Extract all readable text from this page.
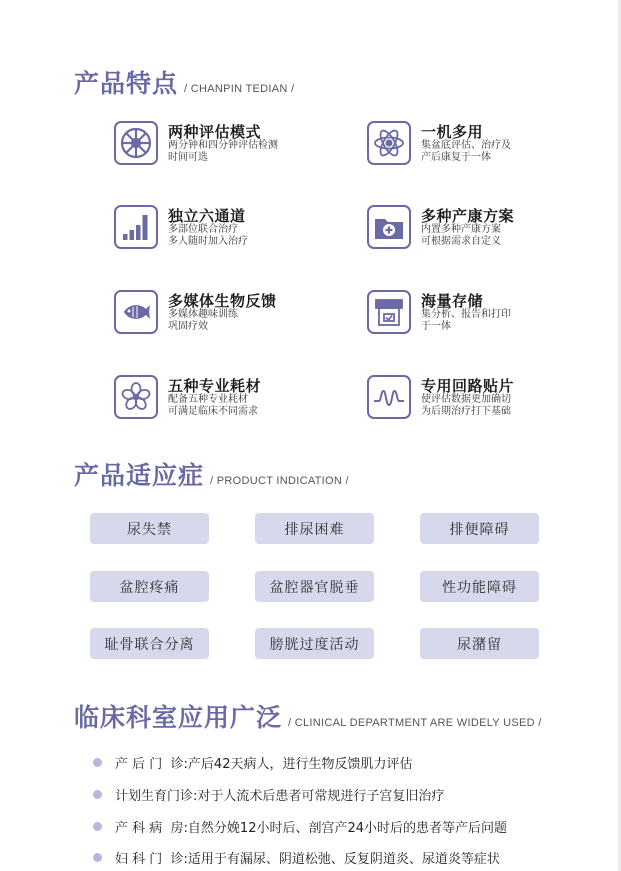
产品特点 / CHANPIN TEDIAN /
两种评估模式
两分钟和四分钟评估检测
时间可选
一机多用
集盆底评估、治疗及
产后康复于一体
独立六通道
多部位联合治疗
多人随时加入治疗
多种产康方案
内置多种产康方案
可根据需求自定义
多媒体生物反馈
多媒体趣味训练
巩固疗效
海量存储
集分析、报告和打印
于一体
五种专业耗材
配备五种专业耗材
可满足临床不同需求
专用回路贴片
使评估数据更加确切
为后期治疗打下基础
产品适应症 / PRODUCT INDICATION /
尿失禁	排尿困难	排便障碍
盆腔疼痛	盆腔器官脱垂	性功能障碍
耻骨联合分离	膀胱过度活动	尿潴留
临床科室应用广泛 / CLINICAL DEPARTMENT ARE WIDELY USED /
产 后 门  诊: 产后42天病人，进行生物反馈肌力评估
计划生育门诊: 对于人流术后患者可常规进行子宫复旧治疗
产 科 病  房: 自然分娩12小时后、剖宫产24小时后的患者等产后问题
妇 科 门  诊: 适用于有漏尿、阴道松弛、反复阴道炎、尿道炎等症状
